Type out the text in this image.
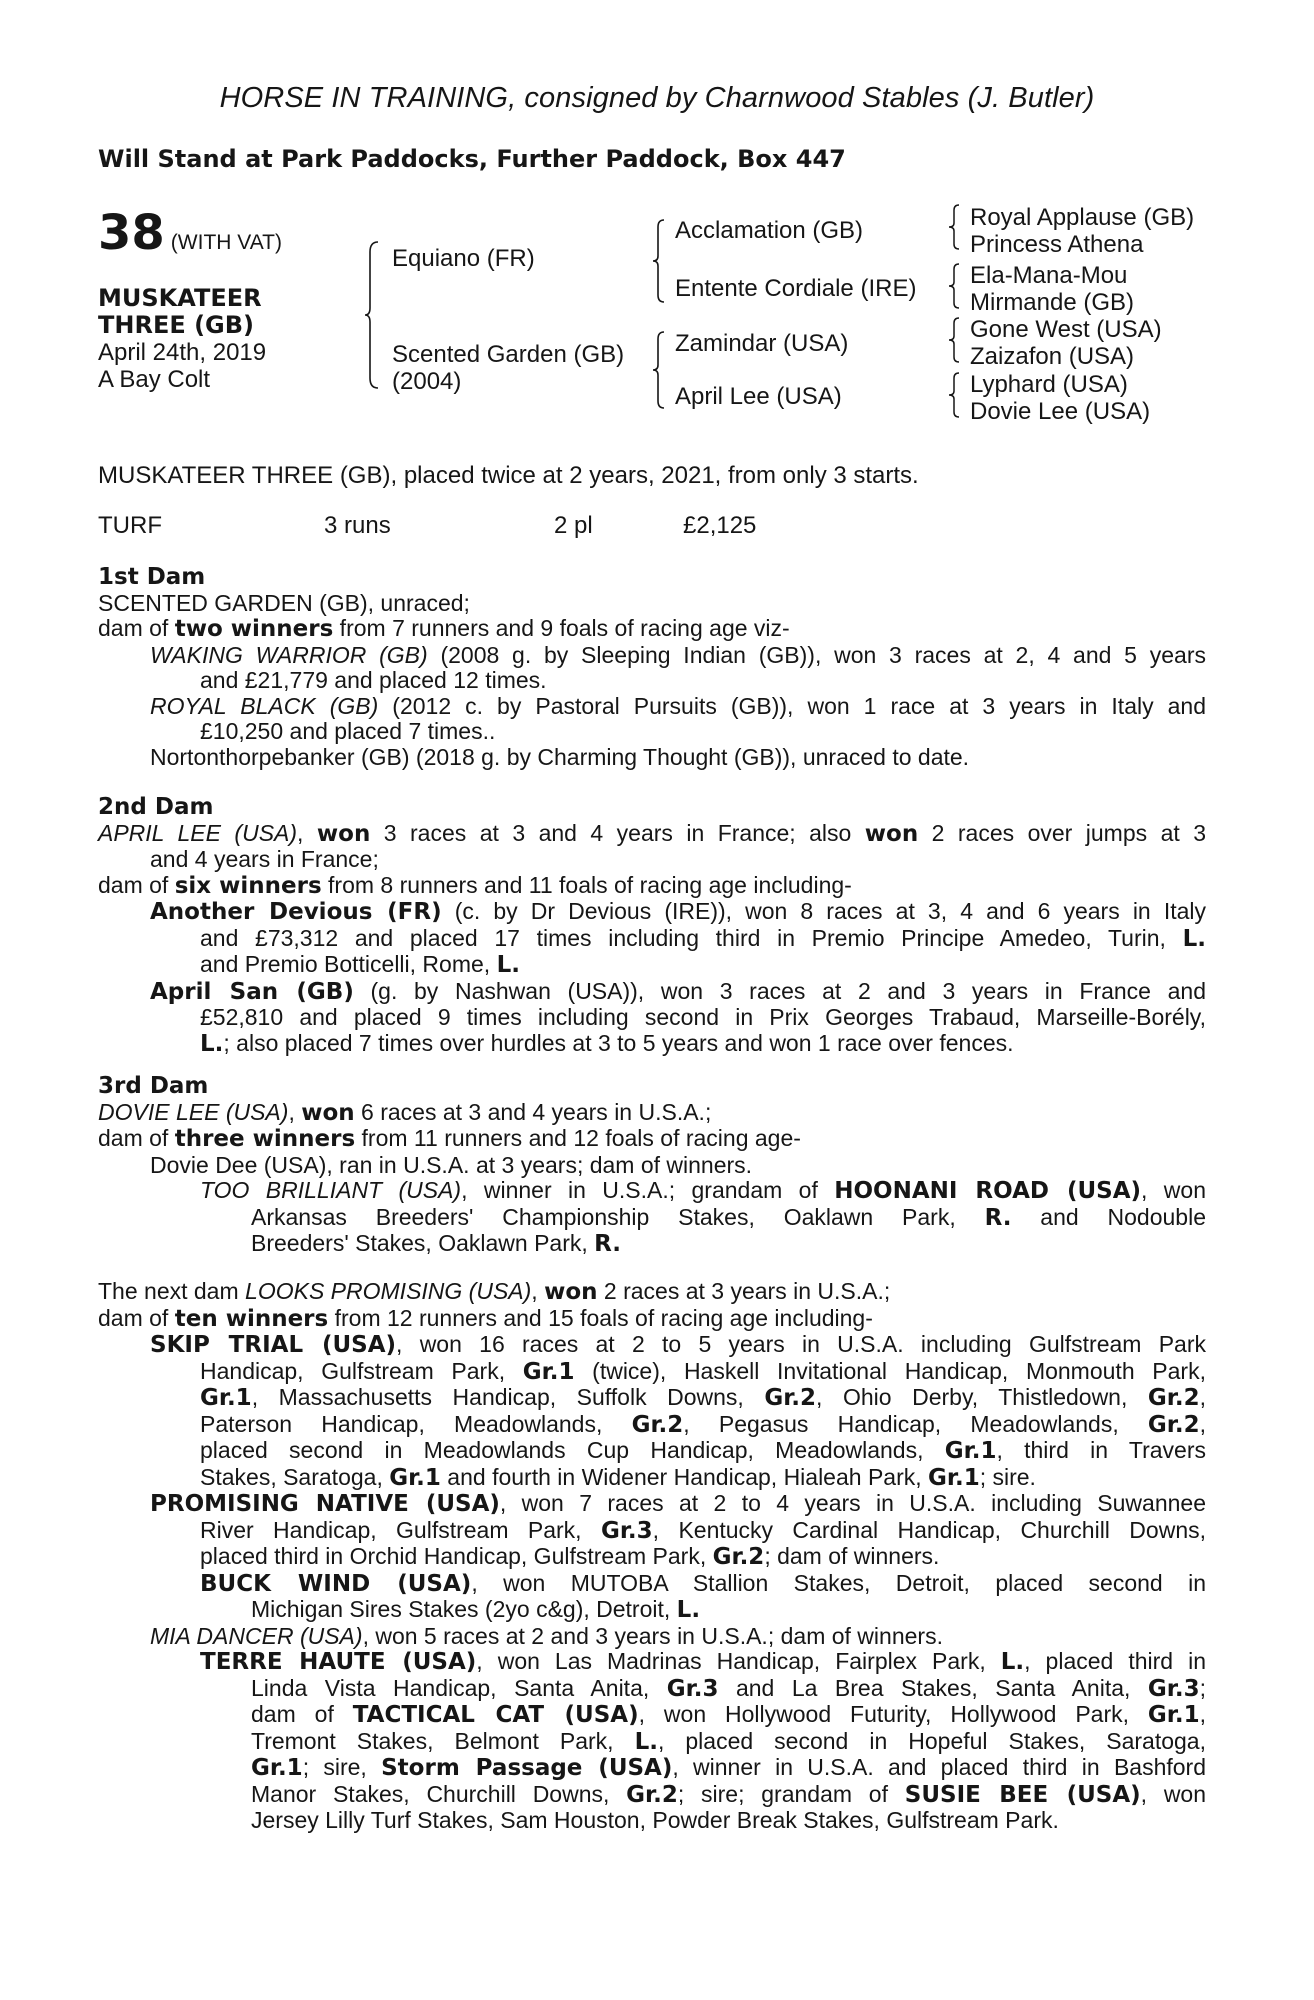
HORSE IN TRAINING, consigned by Charnwood Stables (J. Butler)
Will Stand at Park Paddocks, Further Paddock, Box 447
38 (WITH VAT)
MUSKATEER
THREE (GB)
April 24th, 2019
A Bay Colt
Equiano (FR)
Scented Garden (GB)
(2004)
Acclamation (GB)
Entente Cordiale (IRE)
Zamindar (USA)
April Lee (USA)
Royal Applause (GB)
Princess Athena
Ela-Mana-Mou
Mirmande (GB)
Gone West (USA)
Zaizafon (USA)
Lyphard (USA)
Dovie Lee (USA)
MUSKATEER THREE (GB), placed twice at 2 years, 2021, from only 3 starts.
TURF	3 runs	2 pl	£2,125
1st Dam
SCENTED GARDEN (GB), unraced;
dam of two winners from 7 runners and 9 foals of racing age viz-
WAKING WARRIOR (GB) (2008 g. by Sleeping Indian (GB)), won 3 races at 2, 4 and 5 years
and £21,779 and placed 12 times.
ROYAL BLACK (GB) (2012 c. by Pastoral Pursuits (GB)), won 1 race at 3 years in Italy and
£10,250 and placed 7 times..
Nortonthorpebanker (GB) (2018 g. by Charming Thought (GB)), unraced to date.
2nd Dam
APRIL LEE (USA), won 3 races at 3 and 4 years in France; also won 2 races over jumps at 3
and 4 years in France;
dam of six winners from 8 runners and 11 foals of racing age including-
Another Devious (FR) (c. by Dr Devious (IRE)), won 8 races at 3, 4 and 6 years in Italy
and £73,312 and placed 17 times including third in Premio Principe Amedeo, Turin, L.
and Premio Botticelli, Rome, L.
April San (GB) (g. by Nashwan (USA)), won 3 races at 2 and 3 years in France and
£52,810 and placed 9 times including second in Prix Georges Trabaud, Marseille-Borély,
L.; also placed 7 times over hurdles at 3 to 5 years and won 1 race over fences.
3rd Dam
DOVIE LEE (USA), won 6 races at 3 and 4 years in U.S.A.;
dam of three winners from 11 runners and 12 foals of racing age-
Dovie Dee (USA), ran in U.S.A. at 3 years; dam of winners.
TOO BRILLIANT (USA), winner in U.S.A.; grandam of HOONANI ROAD (USA), won
Arkansas Breeders' Championship Stakes, Oaklawn Park, R. and Nodouble
Breeders' Stakes, Oaklawn Park, R.
The next dam LOOKS PROMISING (USA), won 2 races at 3 years in U.S.A.;
dam of ten winners from 12 runners and 15 foals of racing age including-
SKIP TRIAL (USA), won 16 races at 2 to 5 years in U.S.A. including Gulfstream Park
Handicap, Gulfstream Park, Gr.1 (twice), Haskell Invitational Handicap, Monmouth Park,
Gr.1, Massachusetts Handicap, Suffolk Downs, Gr.2, Ohio Derby, Thistledown, Gr.2,
Paterson Handicap, Meadowlands, Gr.2, Pegasus Handicap, Meadowlands, Gr.2,
placed second in Meadowlands Cup Handicap, Meadowlands, Gr.1, third in Travers
Stakes, Saratoga, Gr.1 and fourth in Widener Handicap, Hialeah Park, Gr.1; sire.
PROMISING NATIVE (USA), won 7 races at 2 to 4 years in U.S.A. including Suwannee
River Handicap, Gulfstream Park, Gr.3, Kentucky Cardinal Handicap, Churchill Downs,
placed third in Orchid Handicap, Gulfstream Park, Gr.2; dam of winners.
BUCK WIND (USA), won MUTOBA Stallion Stakes, Detroit, placed second in
Michigan Sires Stakes (2yo c&g), Detroit, L.
MIA DANCER (USA), won 5 races at 2 and 3 years in U.S.A.; dam of winners.
TERRE HAUTE (USA), won Las Madrinas Handicap, Fairplex Park, L., placed third in
Linda Vista Handicap, Santa Anita, Gr.3 and La Brea Stakes, Santa Anita, Gr.3;
dam of TACTICAL CAT (USA), won Hollywood Futurity, Hollywood Park, Gr.1,
Tremont Stakes, Belmont Park, L., placed second in Hopeful Stakes, Saratoga,
Gr.1; sire, Storm Passage (USA), winner in U.S.A. and placed third in Bashford
Manor Stakes, Churchill Downs, Gr.2; sire; grandam of SUSIE BEE (USA), won
Jersey Lilly Turf Stakes, Sam Houston, Powder Break Stakes, Gulfstream Park.
